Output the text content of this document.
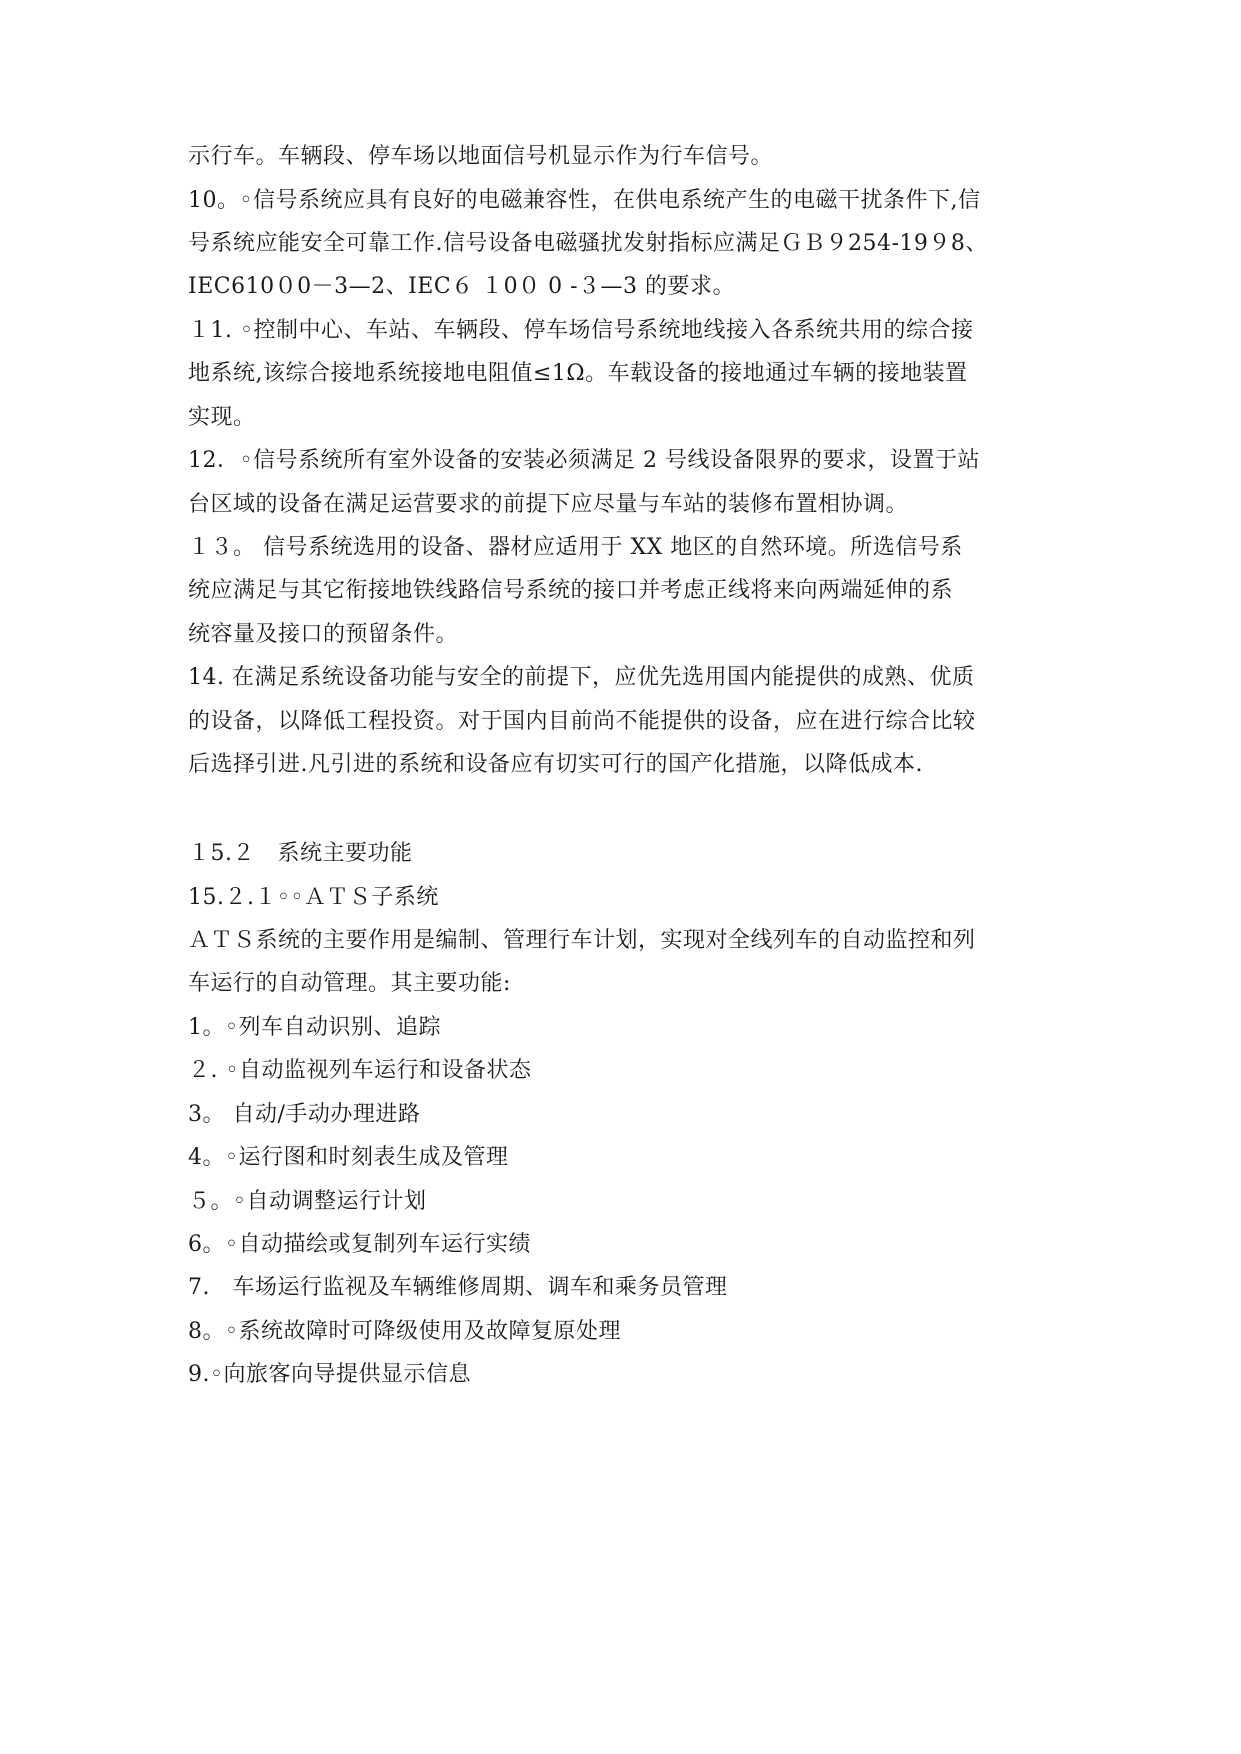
示行车。车辆段、停车场以地面信号机显示作为行车信号。
10。◦信号系统应具有良好的电磁兼容性，在供电系统产生的电磁干扰条件下,信
号系统应能安全可靠工作.信号设备电磁骚扰发射指标应满足ＧＢ９254-19９8、
IEC610０0－3—2、IEC６ １0０ 0 -３—3 的要求。
１1. ◦控制中心、车站、车辆段、停车场信号系统地线接入各系统共用的综合接
地系统,该综合接地系统接地电阻值≤1Ω。车载设备的接地通过车辆的接地装置
实现。
12．◦信号系统所有室外设备的安装必须满足 2 号线设备限界的要求，设置于站
台区域的设备在满足运营要求的前提下应尽量与车站的装修布置相协调。
１３。 信号系统选用的设备、器材应适用于 XX 地区的自然环境。所选信号系
统应满足与其它衔接地铁线路信号系统的接口并考虑正线将来向两端延伸的系
统容量及接口的预留条件。
14. 在满足系统设备功能与安全的前提下，应优先选用国内能提供的成熟、优质
的设备，以降低工程投资。对于国内目前尚不能提供的设备，应在进行综合比较
后选择引进.凡引进的系统和设备应有切实可行的国产化措施，以降低成本.
１5.２　系统主要功能
15.２.１◦◦ＡＴＳ子系统
ＡＴＳ系统的主要作用是编制、管理行车计划，实现对全线列车的自动监控和列
车运行的自动管理。其主要功能:
1。◦列车自动识别、追踪
２. ◦自动监视列车运行和设备状态
3。 自动/手动办理进路
4。◦运行图和时刻表生成及管理
５。◦自动调整运行计划
6。◦自动描绘或复制列车运行实绩
7.　车场运行监视及车辆维修周期、调车和乘务员管理
8。◦系统故障时可降级使用及故障复原处理
9.◦向旅客向导提供显示信息
